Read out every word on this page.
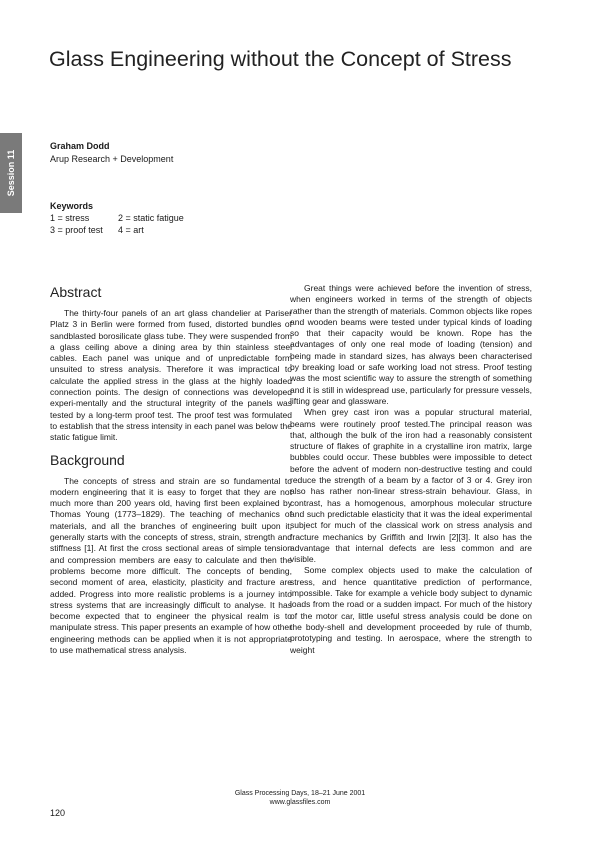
Glass Engineering without the Concept of Stress
Session 11
Graham Dodd
Arup Research + Development
Keywords
1 = stress	2 = static fatigue
3 = proof test 4 = art
Abstract

The thirty-four panels of an art glass chandelier at Pariser Platz 3 in Berlin were formed from fused, distorted bundles of sandblasted borosilicate glass tube. They were suspended from a glass ceiling above a dining area by thin stainless steel cables. Each panel was unique and of unpredictable form unsuited to stress analysis. Therefore it was impractical to calculate the applied stress in the glass at the highly loaded connection points. The design of connections was developed experi-mentally and the structural integrity of the panels was tested by a long-term proof test. The proof test was formulated to establish that the stress intensity in each panel was below the static fatigue limit.

Background

The concepts of stress and strain are so fundamental to modern engineering that it is easy to forget that they are not much more than 200 years old, having first been explained by Thomas Young (1773–1829). The teaching of mechanics of materials, and all the branches of engineering built upon it, generally starts with the concepts of stress, strain, strength and stiffness [1]. At first the cross sectional areas of simple tension and compression members are easy to calculate and then the problems become more difficult. The concepts of bending, second moment of area, elasticity, plasticity and fracture are added. Progress into more realistic problems is a journey into stress systems that are increasingly difficult to analyse. It has become expected that to engineer the physical realm is to manipulate stress. This paper presents an example of how other engineering methods can be applied when it is not appropriate to use mathematical stress analysis.

Great things were achieved before the invention of stress, when engineers worked in terms of the strength of objects rather than the strength of materials. Common objects like ropes and wooden beams were tested under typical kinds of loading so that their capacity would be known. Rope has the advantages of only one real mode of loading (tension) and being made in standard sizes, has always been characterised by breaking load or safe working load not stress. Proof testing was the most scientific way to assure the strength of something and it is still in widespread use, particularly for pressure vessels, lifting gear and glassware.

When grey cast iron was a popular structural material, beams were routinely proof tested.The principal reason was that, although the bulk of the iron had a reasonably consistent structure of flakes of graphite in a crystalline iron matrix, large bubbles could occur. These bubbles were impossible to detect before the advent of modern non-destructive testing and could reduce the strength of a beam by a factor of 3 or 4. Grey iron also has rather non-linear stress-strain behaviour. Glass, in contrast, has a homogenous, amorphous molecular structure and such predictable elasticity that it was the ideal experimental subject for much of the classical work on stress analysis and fracture mechanics by Griffith and Irwin [2][3]. It also has the advantage that internal defects are less common and are visible.

Some complex objects used to make the calculation of stress, and hence quantitative prediction of performance, impossible. Take for example a vehicle body subject to dynamic loads from the road or a sudden impact. For much of the history of the motor car, little useful stress analysis could be done on the body-shell and development proceeded by rule of thumb, prototyping and testing. In aerospace, where the strength to weight

120
Glass Processing Days, 18–21 June 2001
www.glassfiles.com
